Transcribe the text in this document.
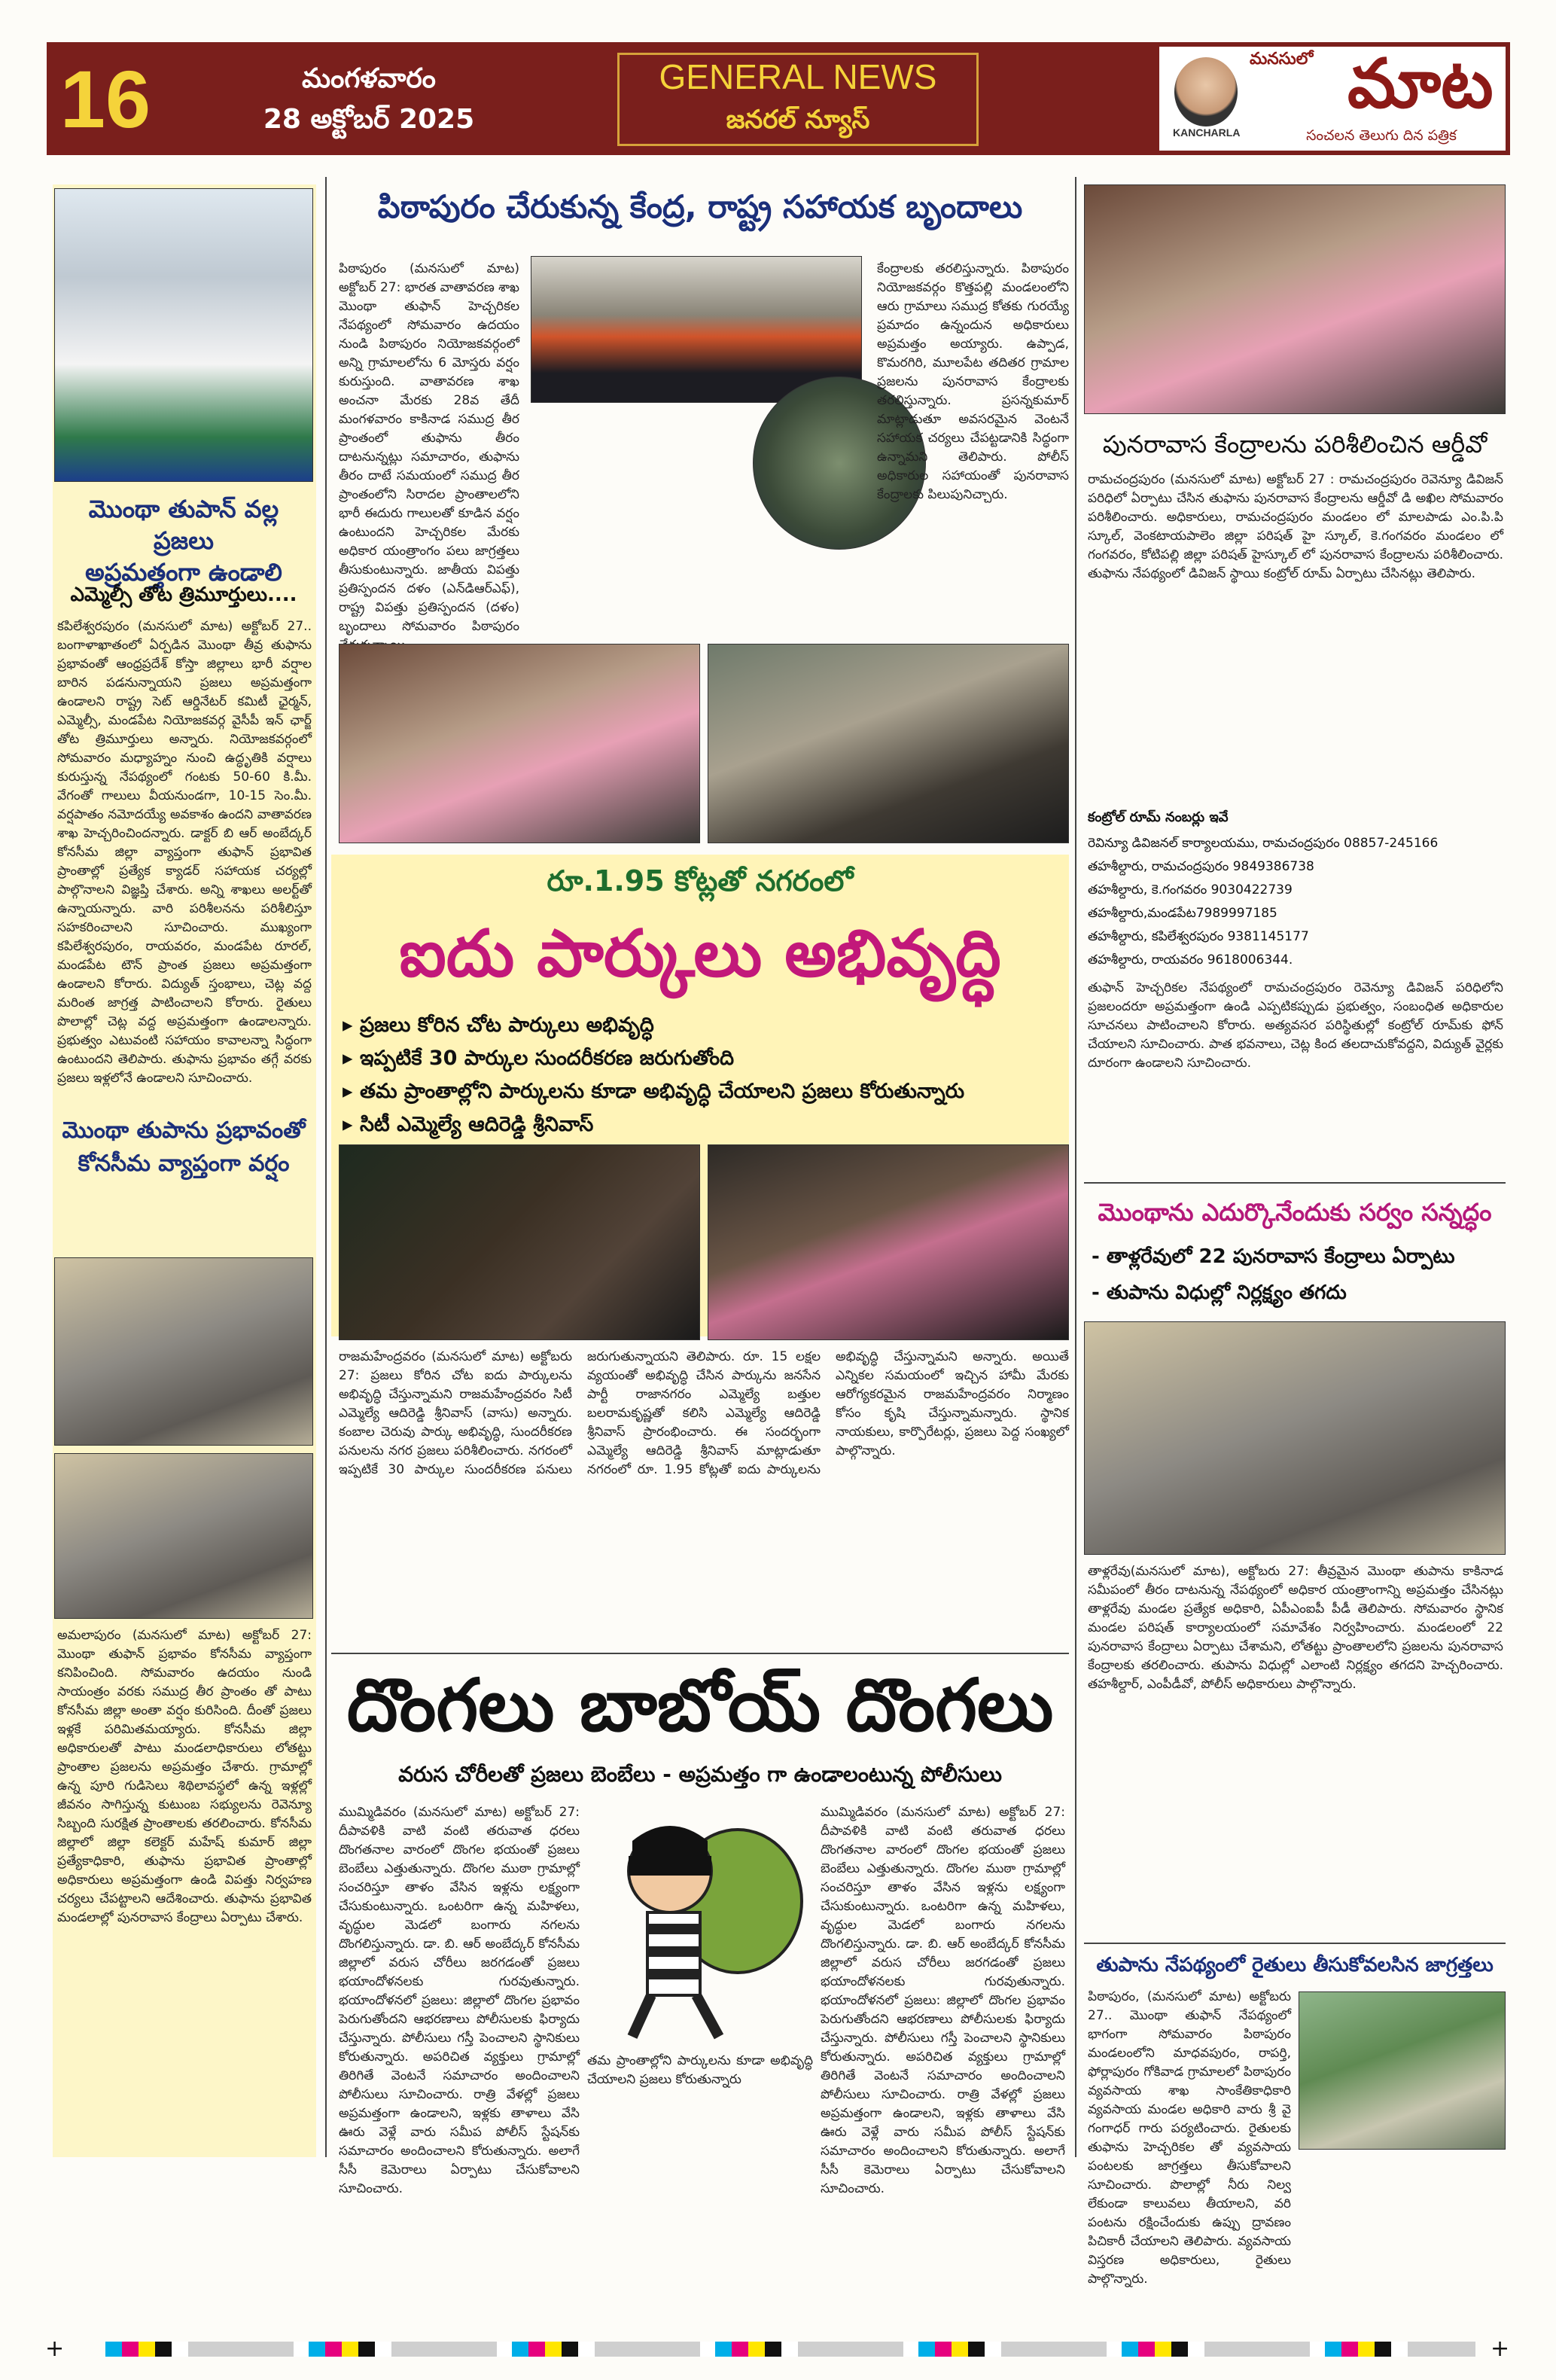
16	మంగళవారం
28 అక్టోబర్ 2025
GENERAL NEWS
జనరల్ న్యూస్
మనసులో మాట
KANCHARLA	సంచలన తెలుగు దిన పత్రిక
మొంథా తుపాన్ వల్ల ప్రజలు
అప్రమత్తంగా ఉండాలి
ఎమ్మెల్సీ తోట త్రిమూర్తులు....
కపిలేశ్వరపురం (మనసులో మాట) అక్టోబర్ 27.. బంగాళాఖాతంలో ఏర్పడిన మొంథా తీవ్ర తుఫాను ప్రభావంతో ఆంధ్రప్రదేశ్ కోస్తా జిల్లాలు భారీ వర్షాల బారిన పడనున్నాయని ప్రజలు అప్రమత్తంగా ఉండాలని రాష్ట్ర సెట్ ఆర్డినేటర్ కమిటీ ఛైర్మన్, ఎమ్మెల్సీ, మండపేట నియోజకవర్గ వైసీపీ ఇన్ ఛార్జ్ తోట త్రిమూర్తులు అన్నారు. నియోజకవర్గంలో సోమవారం మధ్యాహ్నం నుంచి ఉద్ధృతికి వర్షాలు కురుస్తున్న నేపథ్యంలో గంటకు 50-60 కి.మీ. వేగంతో గాలులు వీయనుండగా, 10-15 సెం.మీ. వర్షపాతం నమోదయ్యే అవకాశం ఉందని వాతావరణ శాఖ హెచ్చరించిందన్నారు. డాక్టర్ బి ఆర్ అంబేద్కర్ కోనసీమ జిల్లా వ్యాప్తంగా తుఫాన్ ప్రభావిత ప్రాంతాల్లో ప్రత్యేక క్యాడర్ సహాయక చర్యల్లో పాల్గొనాలని విజ్ఞప్తి చేశారు. అన్ని శాఖలు అలర్ట్‌తో ఉన్నాయన్నారు. వారి పరిశీలనను పరిశీలిస్తూ సహకరించాలని సూచించారు. ముఖ్యంగా కపిలేశ్వరపురం, రాయవరం, మండపేట రూరల్, మండపేట టౌన్ ప్రాంత ప్రజలు అప్రమత్తంగా ఉండాలని కోరారు. విద్యుత్ స్తంభాలు, చెట్ల వద్ద మరింత జాగ్రత్త పాటించాలని కోరారు. రైతులు పొలాల్లో చెట్ల వద్ద అప్రమత్తంగా ఉండాలన్నారు. ప్రభుత్వం ఎటువంటి సహాయం కావాలన్నా సిద్ధంగా ఉంటుందని తెలిపారు. తుఫాను ప్రభావం తగ్గే వరకు ప్రజలు ఇళ్లలోనే ఉండాలని సూచించారు.
మొంథా తుపాను ప్రభావంతో
కోనసీమ వ్యాప్తంగా వర్షం
అమలాపురం (మనసులో మాట) అక్టోబర్ 27: మొంథా తుఫాన్ ప్రభావం కోనసీమ వ్యాప్తంగా కనిపించింది. సోమవారం ఉదయం నుండి సాయంత్రం వరకు సముద్ర తీర ప్రాంతం తో పాటు కోనసీమ జిల్లా అంతా వర్షం కురిసింది. దీంతో ప్రజలు ఇళ్లకే పరిమితమయ్యారు. కోనసీమ జిల్లా అధికారులతో పాటు మండలాధికారులు లోతట్టు ప్రాంతాల ప్రజలను అప్రమత్తం చేశారు. గ్రామాల్లో ఉన్న పూరి గుడిసెలు శిథిలావస్థలో ఉన్న ఇళ్లల్లో జీవనం సాగిస్తున్న కుటుంబ సభ్యులను రెవెన్యూ సిబ్బంది సురక్షిత ప్రాంతాలకు తరలించారు. కోనసీమ జిల్లాలో జిల్లా కలెక్టర్ మహేష్ కుమార్ జిల్లా ప్రత్యేకాధికారి, తుఫాను ప్రభావిత ప్రాంతాల్లో అధికారులు అప్రమత్తంగా ఉండి విపత్తు నిర్వహణ చర్యలు చేపట్టాలని ఆదేశించారు. తుఫాను ప్రభావిత మండలాల్లో పునరావాస కేంద్రాలు ఏర్పాటు చేశారు.
పిఠాపురం చేరుకున్న కేంద్ర, రాష్ట్ర సహాయక బృందాలు
పిఠాపురం (మనసులో మాట) అక్టోబర్ 27: భారత వాతావరణ శాఖ మొంథా తుఫాన్ హెచ్చరికల నేపథ్యంలో సోమవారం ఉదయం నుండి పిఠాపురం నియోజకవర్గంలో అన్ని గ్రామాలలోను 6 మోస్తరు వర్షం కురుస్తుంది. వాతావరణ శాఖ అంచనా మేరకు 28వ తేదీ మంగళవారం కాకినాడ సముద్ర తీర ప్రాంతంలో తుఫాను తీరం దాటనున్నట్లు సమాచారం, తుఫాను తీరం దాటే సమయంలో సముద్ర తీర ప్రాంతంలోని సిరాదల ప్రాంతాలలోని భారీ ఈదురు గాలులతో కూడిన వర్షం ఉంటుందని హెచ్చరికల మేరకు అధికార యంత్రాంగం పలు జాగ్రత్తలు తీసుకుంటున్నారు. జాతీయ విపత్తు ప్రతిస్పందన దళం (ఎన్‌డిఆర్‌ఎఫ్), రాష్ట్ర విపత్తు ప్రతిస్పందన (దళం) బృందాలు సోమవారం పిఠాపురం
కేంద్రాలకు తరలిస్తున్నారు. పిఠాపురం నియోజకవర్గం కొత్తపల్లి మండలంలోని ఆరు గ్రామాలు సముద్ర కోతకు గురయ్యే ప్రమాదం ఉన్నందున అధికారులు అప్రమత్తం అయ్యారు. ఉప్పాడ, కొమరగిరి, మూలపేట తదితర గ్రామాల ప్రజలను పునరావాస కేంద్రాలకు తరలిస్తున్నారు. ప్రసన్నకుమార్ మాట్లాడుతూ అవసరమైన వెంటనే సహాయక చర్యలు చేపట్టడానికి సిద్ధంగా ఉన్నామని తెలిపారు. పోలీస్ అధికారుల సహాయంతో పునరావాస కేంద్రాలకు పిలుపునిచ్చారు.
రూ.1.95 కోట్లతో నగరంలో
ఐదు పార్కులు అభివృద్ధి
▸ ప్రజలు కోరిన చోట పార్కులు అభివృద్ధి
▸ ఇప్పటికే 30 పార్కుల సుందరీకరణ జరుగుతోంది
▸ తమ ప్రాంతాల్లోని పార్కులను కూడా అభివృద్ధి చేయాలని ప్రజలు కోరుతున్నారు
▸ సిటీ ఎమ్మెల్యే ఆదిరెడ్డి శ్రీనివాస్
రాజమహేంద్రవరం (మనసులో మాట) అక్టోబరు 27: ప్రజలు కోరిన చోట ఐదు పార్కులను అభివృద్ధి చేస్తున్నామని రాజమహేంద్రవరం సిటీ ఎమ్మెల్యే ఆదిరెడ్డి శ్రీనివాస్ (వాసు) అన్నారు. కంబాల చెరువు పార్కు అభివృద్ధి, సుందరీకరణ పనులను నగర ప్రజలు పరిశీలించారు. నగరంలో ఇప్పటికే 30 పార్కుల సుందరీకరణ పనులు జరుగుతున్నాయని తెలిపారు. రూ. 15 లక్షల వ్యయంతో అభివృద్ధి చేసిన పార్కును జనసేన పార్టీ రాజానగరం ఎమ్మెల్యే బత్తుల బలరామకృష్ణతో కలిసి ఎమ్మెల్యే ఆదిరెడ్డి శ్రీనివాస్ ప్రారంభించారు. ఈ సందర్భంగా ఎమ్మెల్యే ఆదిరెడ్డి శ్రీనివాస్ మాట్లాడుతూ నగరంలో రూ. 1.95 కోట్లతో ఐదు పార్కులను అభివృద్ధి చేస్తున్నామని అన్నారు. అయితే ఎన్నికల సమయంలో ఇచ్చిన హామీ మేరకు ఆరోగ్యకరమైన రాజమహేంద్రవరం నిర్మాణం కోసం కృషి చేస్తున్నామన్నారు. స్థానిక నాయకులు, కార్పొరేటర్లు, ప్రజలు పెద్ద సంఖ్యలో పాల్గొన్నారు.
దొంగలు బాబోయ్ దొంగలు
వరుస చోరీలతో ప్రజలు బెంబేలు - అప్రమత్తం గా ఉండాలంటున్న పోలీసులు
ముమ్మిడివరం (మనసులో మాట) అక్టోబర్ 27: దీపావళికి వాటి వంటి తరువాత ధరలు దొంగతనాల వారంలో దొంగల భయంతో ప్రజలు బెంబేలు ఎత్తుతున్నారు. దొంగల ముఠా గ్రామాల్లో సంచరిస్తూ తాళం వేసిన ఇళ్లను లక్ష్యంగా చేసుకుంటున్నారు. ఒంటరిగా ఉన్న మహిళలు, వృద్ధుల మెడలో బంగారు నగలను దొంగలిస్తున్నారు. డా. బి. ఆర్ అంబేద్కర్ కోనసీమ జిల్లాలో వరుస చోరీలు జరగడంతో ప్రజలు భయాందోళనలకు గురవుతున్నారు. భయాందోళనలో ప్రజలు: జిల్లాలో దొంగల ప్రభావం పెరుగుతోందని ఆభరణాలు పోలీసులకు ఫిర్యాదు చేస్తున్నారు. పోలీసులు గస్తీ పెంచాలని స్థానికులు కోరుతున్నారు. అపరిచిత వ్యక్తులు గ్రామాల్లో తిరిగితే వెంటనే సమాచారం అందించాలని పోలీసులు సూచించారు. రాత్రి వేళల్లో ప్రజలు అప్రమత్తంగా ఉండాలని, ఇళ్లకు తాళాలు వేసి ఊరు వెళ్లే వారు సమీప పోలీస్ స్టేషన్‌కు సమాచారం అందించాలని కోరుతున్నారు. అలాగే సీసీ కెమెరాలు ఏర్పాటు చేసుకోవాలని సూచించారు.
ముమ్మిడివరం (మనసులో మాట) అక్టోబర్ 27: దీపావళికి వాటి వంటి తరువాత ధరలు దొంగతనాల వారంలో దొంగల భయంతో ప్రజలు బెంబేలు ఎత్తుతున్నారు. దొంగల ముఠా గ్రామాల్లో సంచరిస్తూ తాళం వేసిన ఇళ్లను లక్ష్యంగా చేసుకుంటున్నారు. ఒంటరిగా ఉన్న మహిళలు, వృద్ధుల మెడలో బంగారు నగలను దొంగలిస్తున్నారు. డా. బి. ఆర్ అంబేద్కర్ కోనసీమ జిల్లాలో వరుస చోరీలు జరగడంతో ప్రజలు భయాందోళనలకు గురవుతున్నారు. భయాందోళనలో ప్రజలు: జిల్లాలో దొంగల ప్రభావం పెరుగుతోందని ఆభరణాలు పోలీసులకు ఫిర్యాదు చేస్తున్నారు. పోలీసులు గస్తీ పెంచాలని స్థానికులు కోరుతున్నారు. అపరిచిత వ్యక్తులు గ్రామాల్లో తిరిగితే వెంటనే సమాచారం అందించాలని పోలీసులు సూచించారు. రాత్రి వేళల్లో ప్రజలు అప్రమత్తంగా ఉండాలని, ఇళ్లకు తాళాలు వేసి ఊరు వెళ్లే వారు సమీప పోలీస్ స్టేషన్‌కు సమాచారం అందించాలని కోరుతున్నారు. అలాగే సీసీ కెమెరాలు ఏర్పాటు చేసుకోవాలని సూచించారు.
తమ ప్రాంతాల్లోని పార్కులను కూడా అభివృద్ధి చేయాలని ప్రజలు కోరుతున్నారు
పునరావాస కేంద్రాలను పరిశీలించిన ఆర్డీవో
రామచంద్రపురం (మనసులో మాట) అక్టోబర్ 27 : రామచంద్రపురం రెవెన్యూ డివిజన్ పరిధిలో ఏర్పాటు చేసిన తుఫాను పునరావాస కేంద్రాలను ఆర్డీవో డి అఖిల సోమవారం పరిశీలించారు. అధికారులు, రామచంద్రపురం మండలం లో మాలపాడు ఎం.పి.పి స్కూల్, వెంకటాయపాలెం జిల్లా పరిషత్ హై స్కూల్, కె.గంగవరం మండలం లో గంగవరం, కోటిపల్లి జిల్లా పరిషత్ హైస్కూల్ లో పునరావాస కేంద్రాలను పరిశీలించారు. తుఫాను నేపథ్యంలో డివిజన్ స్థాయి కంట్రోల్ రూమ్ ఏర్పాటు చేసినట్లు తెలిపారు.
కంట్రోల్ రూమ్ నంబర్లు ఇవే
రెవిన్యూ డివిజనల్ కార్యాలయము, రామచంద్రపురం 08857-245166
తహశీల్దారు, రామచంద్రపురం 9849386738
తహశీల్దారు, కె.గంగవరం 9030422739
తహశీల్దారు,మండపేట7989997185
తహశీల్దారు, కపిలేశ్వరపురం 9381145177
తహశీల్దారు, రాయవరం 9618006344.
తుఫాన్ హెచ్చరికల నేపథ్యంలో రామచంద్రపురం రెవెన్యూ డివిజన్ పరిధిలోని ప్రజలందరూ అప్రమత్తంగా ఉండి ఎప్పటికప్పుడు ప్రభుత్వం, సంబంధిత అధికారుల సూచనలు పాటించాలని కోరారు. అత్యవసర పరిస్థితుల్లో కంట్రోల్ రూమ్‌కు ఫోన్ చేయాలని సూచించారు. పాత భవనాలు, చెట్ల కింద తలదాచుకోవద్దని, విద్యుత్ వైర్లకు దూరంగా ఉండాలని సూచించారు.
మొంథాను ఎదుర్కొనేందుకు సర్వం సన్నద్ధం
- తాళ్లరేవులో 22 పునరావాస కేంద్రాలు ఏర్పాటు
- తుపాను విధుల్లో నిర్లక్ష్యం తగదు
తాళ్లరేవు(మనసులో మాట), అక్టోబరు 27: తీవ్రమైన మొంథా తుపాను కాకినాడ సమీపంలో తీరం దాటనున్న నేపథ్యంలో అధికార యంత్రాంగాన్ని అప్రమత్తం చేసినట్లు తాళ్లరేవు మండల ప్రత్యేక అధికారి, ఏపీఎంఐపీ పీడీ తెలిపారు. సోమవారం స్థానిక మండల పరిషత్ కార్యాలయంలో సమావేశం నిర్వహించారు. మండలంలో 22 పునరావాస కేంద్రాలు ఏర్పాటు చేశామని, లోతట్టు ప్రాంతాలలోని ప్రజలను పునరావాస కేంద్రాలకు తరలించారు. తుపాను విధుల్లో ఎలాంటి నిర్లక్ష్యం తగదని హెచ్చరించారు. తహశీల్దార్, ఎంపీడీవో, పోలీస్ అధికారులు పాల్గొన్నారు.
తుపాను నేపథ్యంలో రైతులు తీసుకోవలసిన జాగ్రత్తలు
పిఠాపురం, (మనసులో మాట) అక్టోబరు 27.. మొంథా తుఫాన్ నేపథ్యంలో భాగంగా సోమవారం పిఠాపురం మండలంలోని మాధవపురం, రాపర్తి, ఫోర్లాపురం గోకివాడ గ్రామాలలో పిఠాపురం వ్యవసాయ శాఖ సాంకేతికాధికారి వ్యవసాయ మండల అధికారి వారు శ్రీ వై గంగాధర్ గారు పర్యటించారు. రైతులకు తుఫాను హెచ్చరికల తో వ్యవసాయ పంటలకు జాగ్రత్తలు తీసుకోవాలని సూచించారు. పొలాల్లో నీరు నిల్వ లేకుండా కాలువలు తీయాలని, వరి పంటను రక్షించేందుకు ఉప్పు ద్రావణం పిచికారీ చేయాలని తెలిపారు. వ్యవసాయ విస్తరణ అధికారులు, రైతులు పాల్గొన్నారు.
+	+
